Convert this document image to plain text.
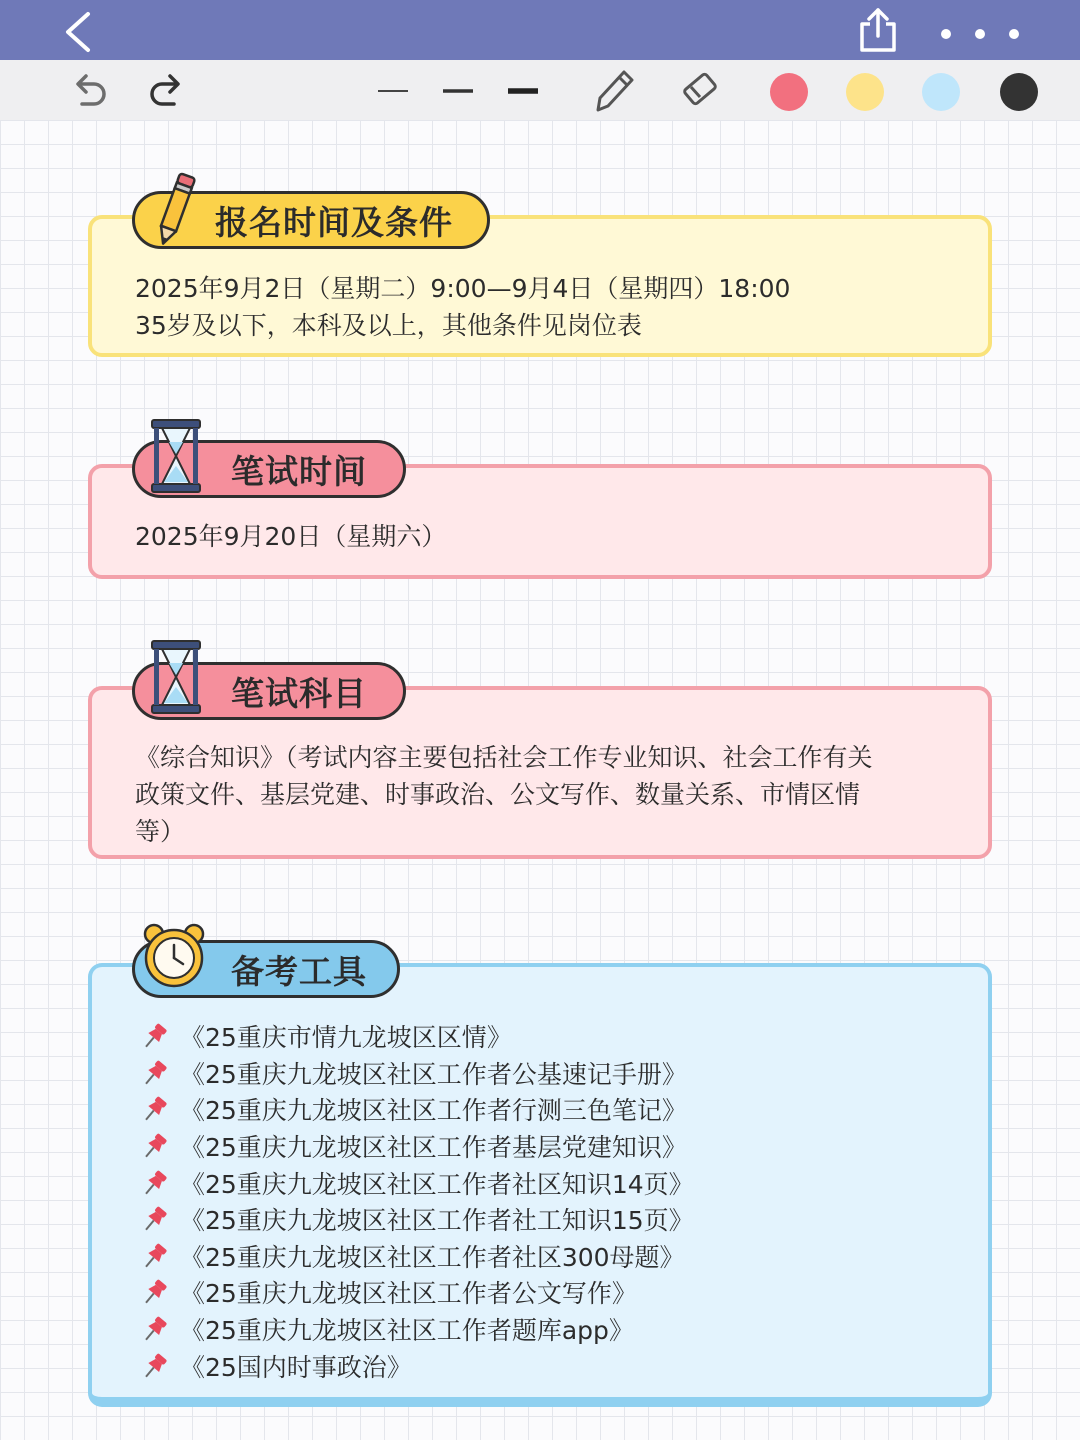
报名时间及条件
2025年9月2日（星期二）9:00—9月4日（星期四）18:00
35岁及以下，本科及以上，其他条件见岗位表
笔试时间
2025年9月20日（星期六）
笔试科目
《综合知识》（考试内容主要包括社会工作专业知识、社会工作有关
政策文件、基层党建、时事政治、公文写作、数量关系、市情区情
等）
备考工具
《25重庆市情九龙坡区区情》
《25重庆九龙坡区社区工作者公基速记手册》
《25重庆九龙坡区社区工作者行测三色笔记》
《25重庆九龙坡区社区工作者基层党建知识》
《25重庆九龙坡区社区工作者社区知识14页》
《25重庆九龙坡区社区工作者社工知识15页》
《25重庆九龙坡区社区工作者社区300母题》
《25重庆九龙坡区社区工作者公文写作》
《25重庆九龙坡区社区工作者题库app》
《25国内时事政治》
